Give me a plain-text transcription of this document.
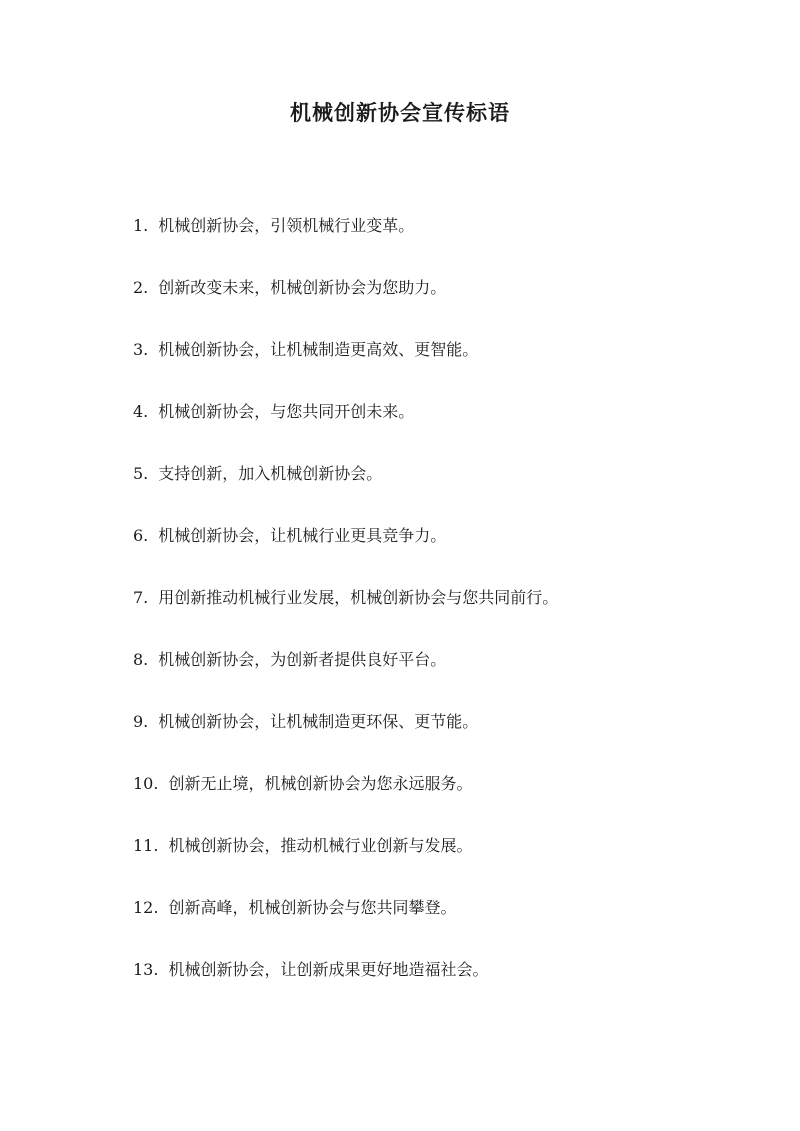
机械创新协会宣传标语
1. 机械创新协会，引领机械行业变革。
2. 创新改变未来，机械创新协会为您助力。
3. 机械创新协会，让机械制造更高效、更智能。
4. 机械创新协会，与您共同开创未来。
5. 支持创新，加入机械创新协会。
6. 机械创新协会，让机械行业更具竞争力。
7. 用创新推动机械行业发展，机械创新协会与您共同前行。
8. 机械创新协会，为创新者提供良好平台。
9. 机械创新协会，让机械制造更环保、更节能。
10. 创新无止境，机械创新协会为您永远服务。
11. 机械创新协会，推动机械行业创新与发展。
12. 创新高峰，机械创新协会与您共同攀登。
13. 机械创新协会，让创新成果更好地造福社会。
